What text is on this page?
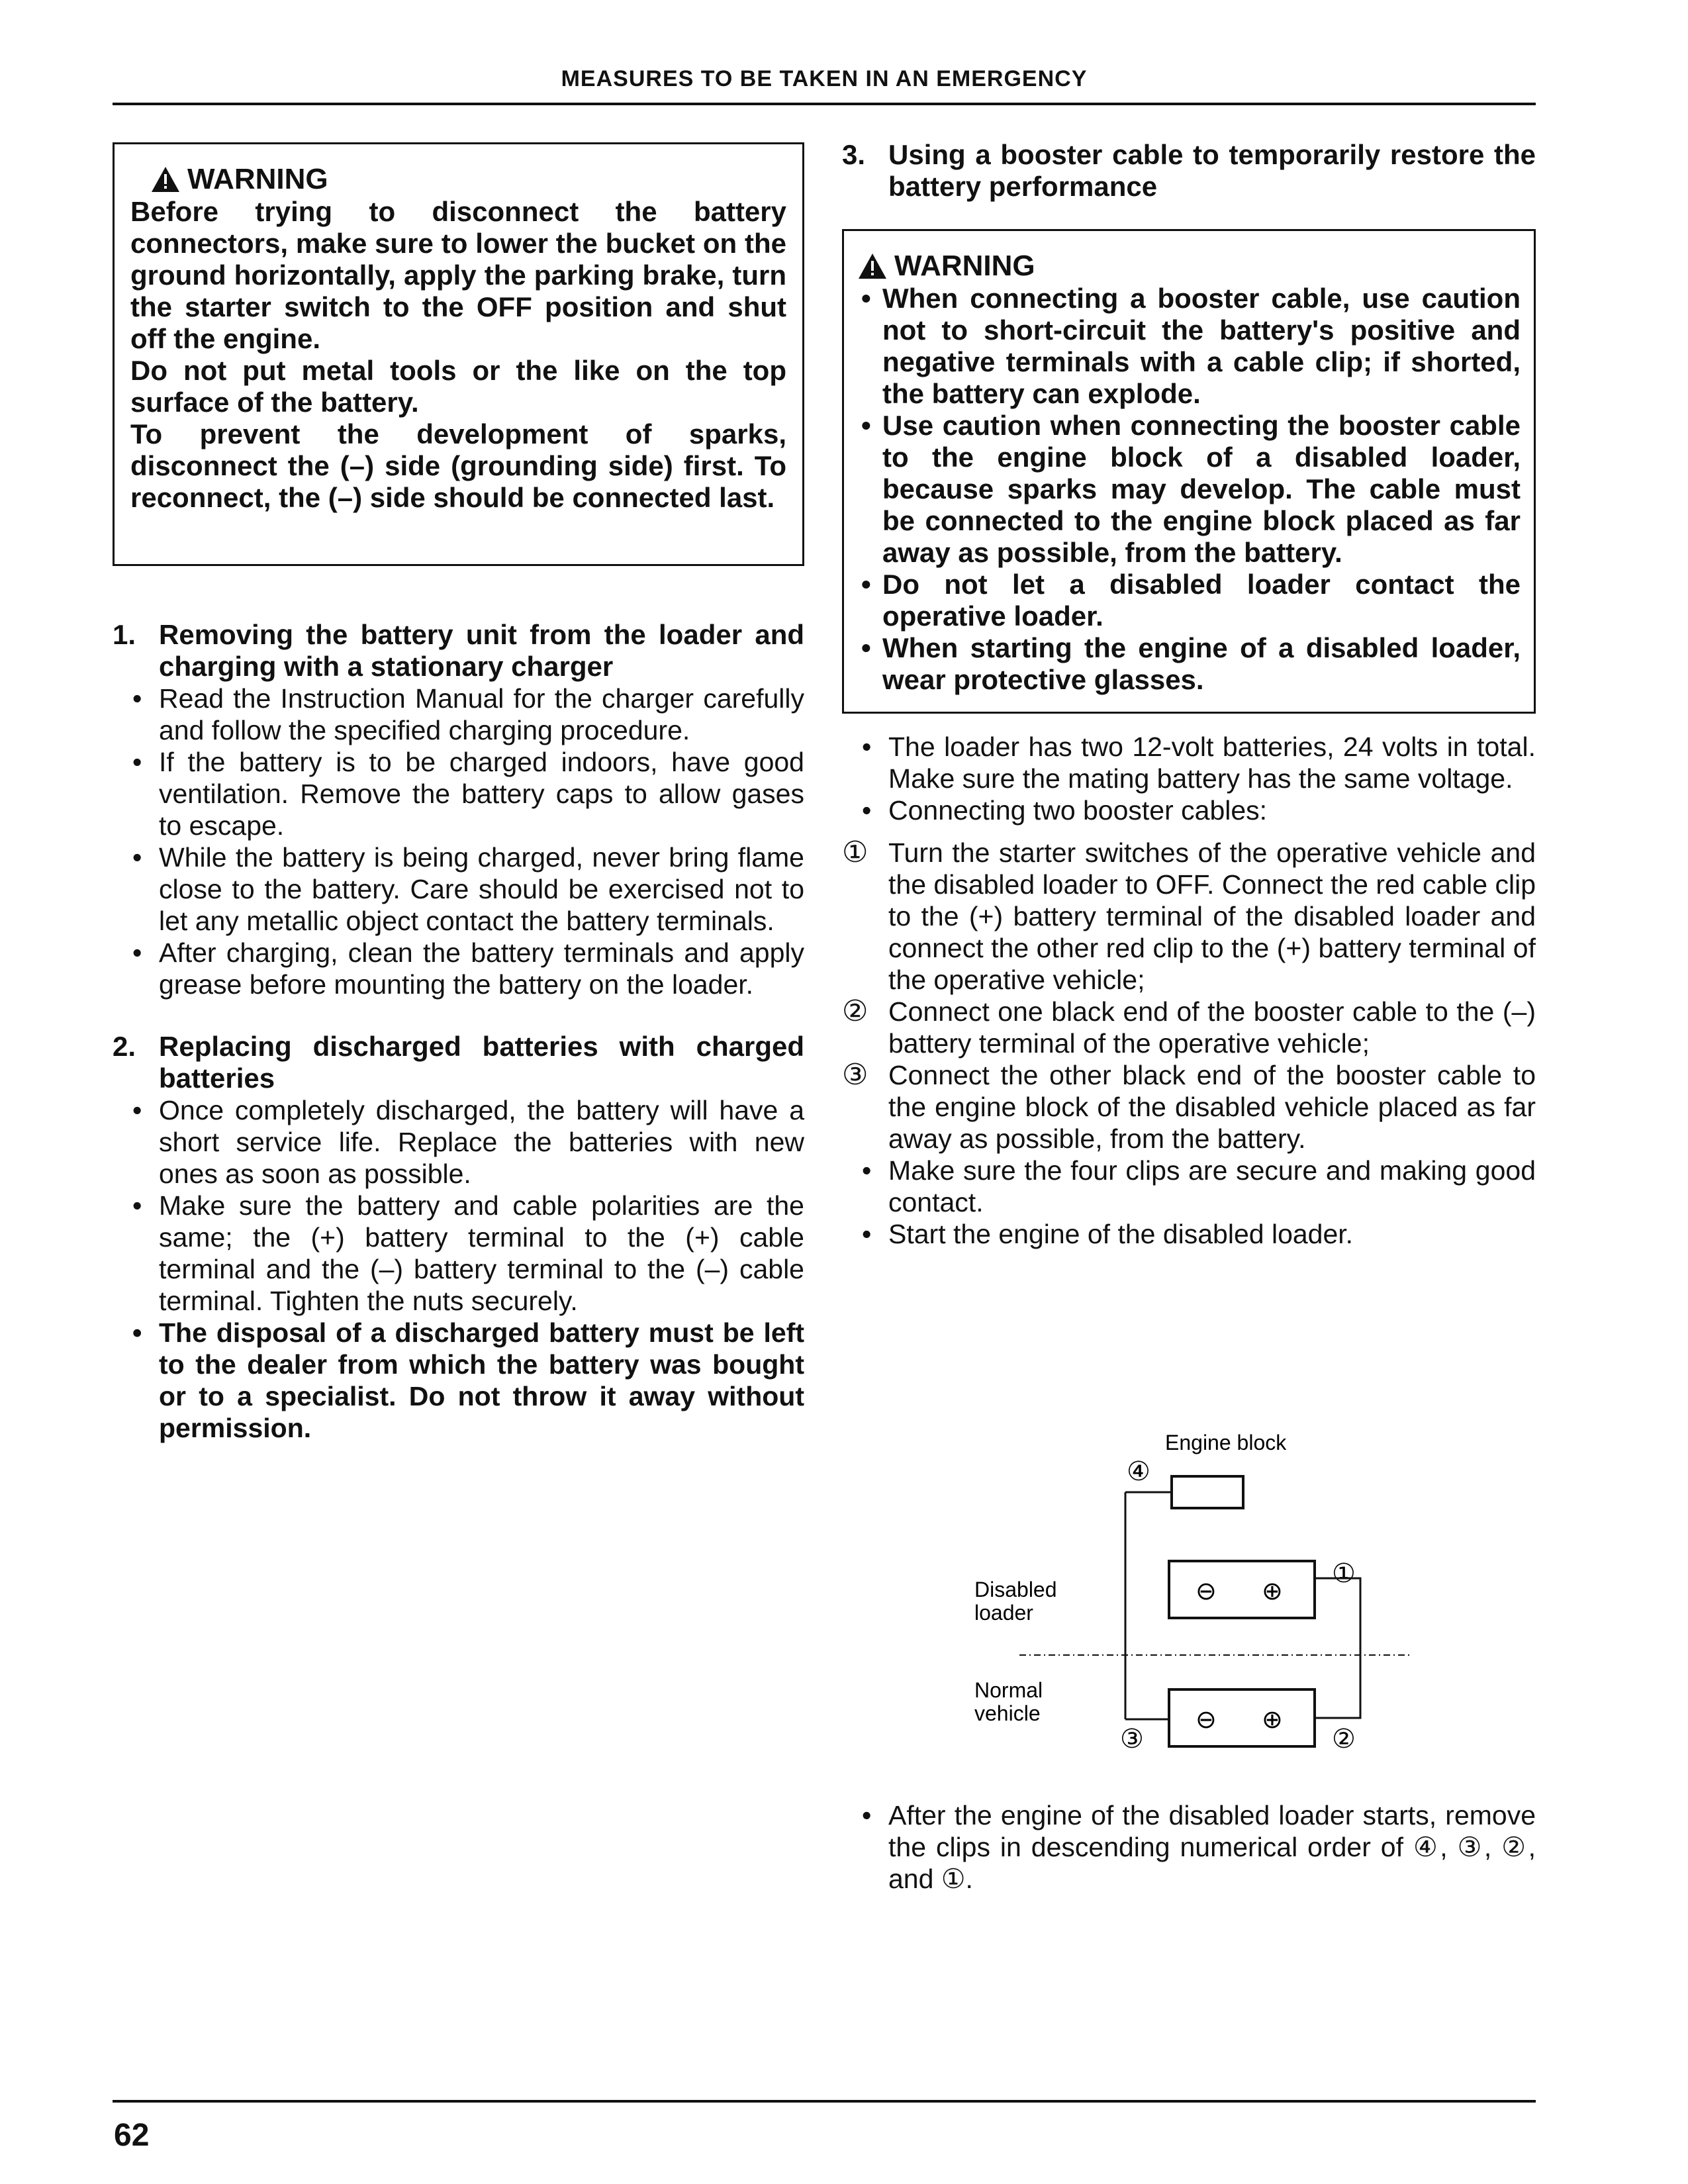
MEASURES TO BE TAKEN IN AN EMERGENCY
WARNING

Before trying to disconnect the battery connectors, make sure to lower the bucket on the ground horizontally, apply the parking brake, turn the starter switch to the OFF position and shut off the engine.

Do not put metal tools or the like on the top surface of the battery.

To prevent the development of sparks, disconnect the (–) side (grounding side) first. To reconnect, the (–) side should be connected last.

1. Removing the battery unit from the loader and charging with a stationary charger
• Read the Instruction Manual for the charger carefully and follow the specified charging procedure.
• If the battery is to be charged indoors, have good ventilation. Remove the battery caps to allow gases to escape.
• While the battery is being charged, never bring flame close to the battery. Care should be exercised not to let any metallic object contact the battery terminals.
• After charging, clean the battery terminals and apply grease before mounting the battery on the loader.
2. Replacing discharged batteries with charged batteries
• Once completely discharged, the battery will have a short service life. Replace the batteries with new ones as soon as possible.
• Make sure the battery and cable polarities are the same; the (+) battery terminal to the (+) cable terminal and the (–) battery terminal to the (–) cable terminal. Tighten the nuts securely.
• The disposal of a discharged battery must be left to the dealer from which the battery was bought or to a specialist. Do not throw it away without permission.
3. Using a booster cable to temporarily restore the battery performance
WARNING
• When connecting a booster cable, use caution not to short-circuit the battery's positive and negative terminals with a cable clip; if shorted, the battery can explode.
• Use caution when connecting the booster cable to the engine block of a disabled loader, because sparks may develop. The cable must be connected to the engine block placed as far away as possible, from the battery.
• Do not let a disabled loader contact the operative loader.
• When starting the engine of a disabled loader, wear protective glasses.
• The loader has two 12-volt batteries, 24 volts in total. Make sure the mating battery has the same voltage.
• Connecting two booster cables:
① Turn the starter switches of the operative vehicle and the disabled loader to OFF. Connect the red cable clip to the (+) battery terminal of the disabled loader and connect the other red clip to the (+) battery terminal of the operative vehicle;
② Connect one black end of the booster cable to the (–) battery terminal of the operative vehicle;
③ Connect the other black end of the booster cable to the engine block of the disabled vehicle placed as far away as possible, from the battery.
• Make sure the four clips are secure and making good contact.
• Start the engine of the disabled loader.
Engine block
④
Disabled
loader
⊖ ⊕
①
Normal
vehicle	⊖ ⊕
③	②
• After the engine of the disabled loader starts, remove the clips in descending numerical order of ④, ③, ②, and ①.
62
